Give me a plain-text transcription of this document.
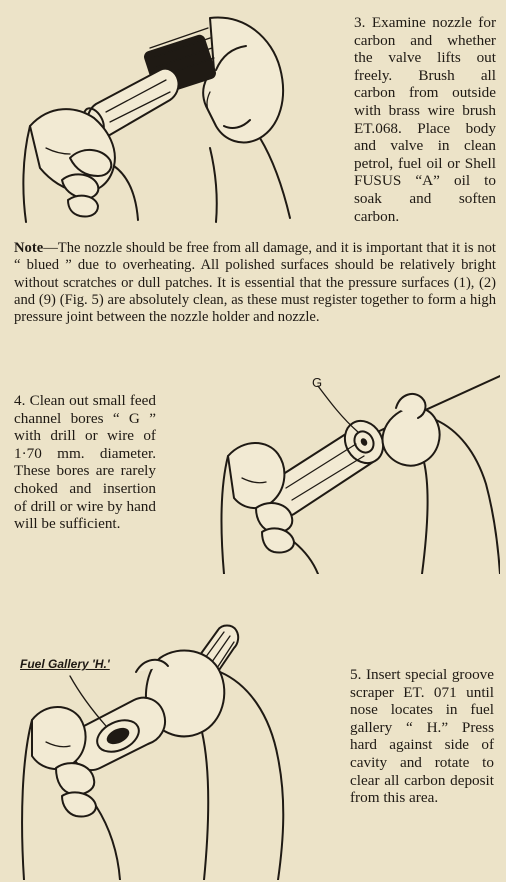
3. Examine nozzle for carbon and whether the valve lifts out freely. Brush all carbon from outside with brass wire brush ET.068. Place body and valve in clean petrol, fuel oil or Shell FUSUS “A” oil to soak and soften carbon.

Note—The nozzle should be free from all damage, and it is important that it is not “ blued ” due to overheating. All polished surfaces should be relatively bright without scratches or dull patches. It is essential that the pressure surfaces (1), (2) and (9) (Fig. 5) are absolutely clean, as these must register together to form a high pressure joint between the nozzle holder and nozzle.

4. Clean out small feed channel bores “ G ” with drill or wire of 1·70 mm. diameter. These bores are rarely choked and insertion of drill or wire by hand will be sufficient.

G
Fuel Gallery 'H.'

5. Insert special groove scraper ET. 071 until nose locates in fuel gallery “ H.” Press hard against side of cavity and rotate to clear all carbon deposit from this area.
